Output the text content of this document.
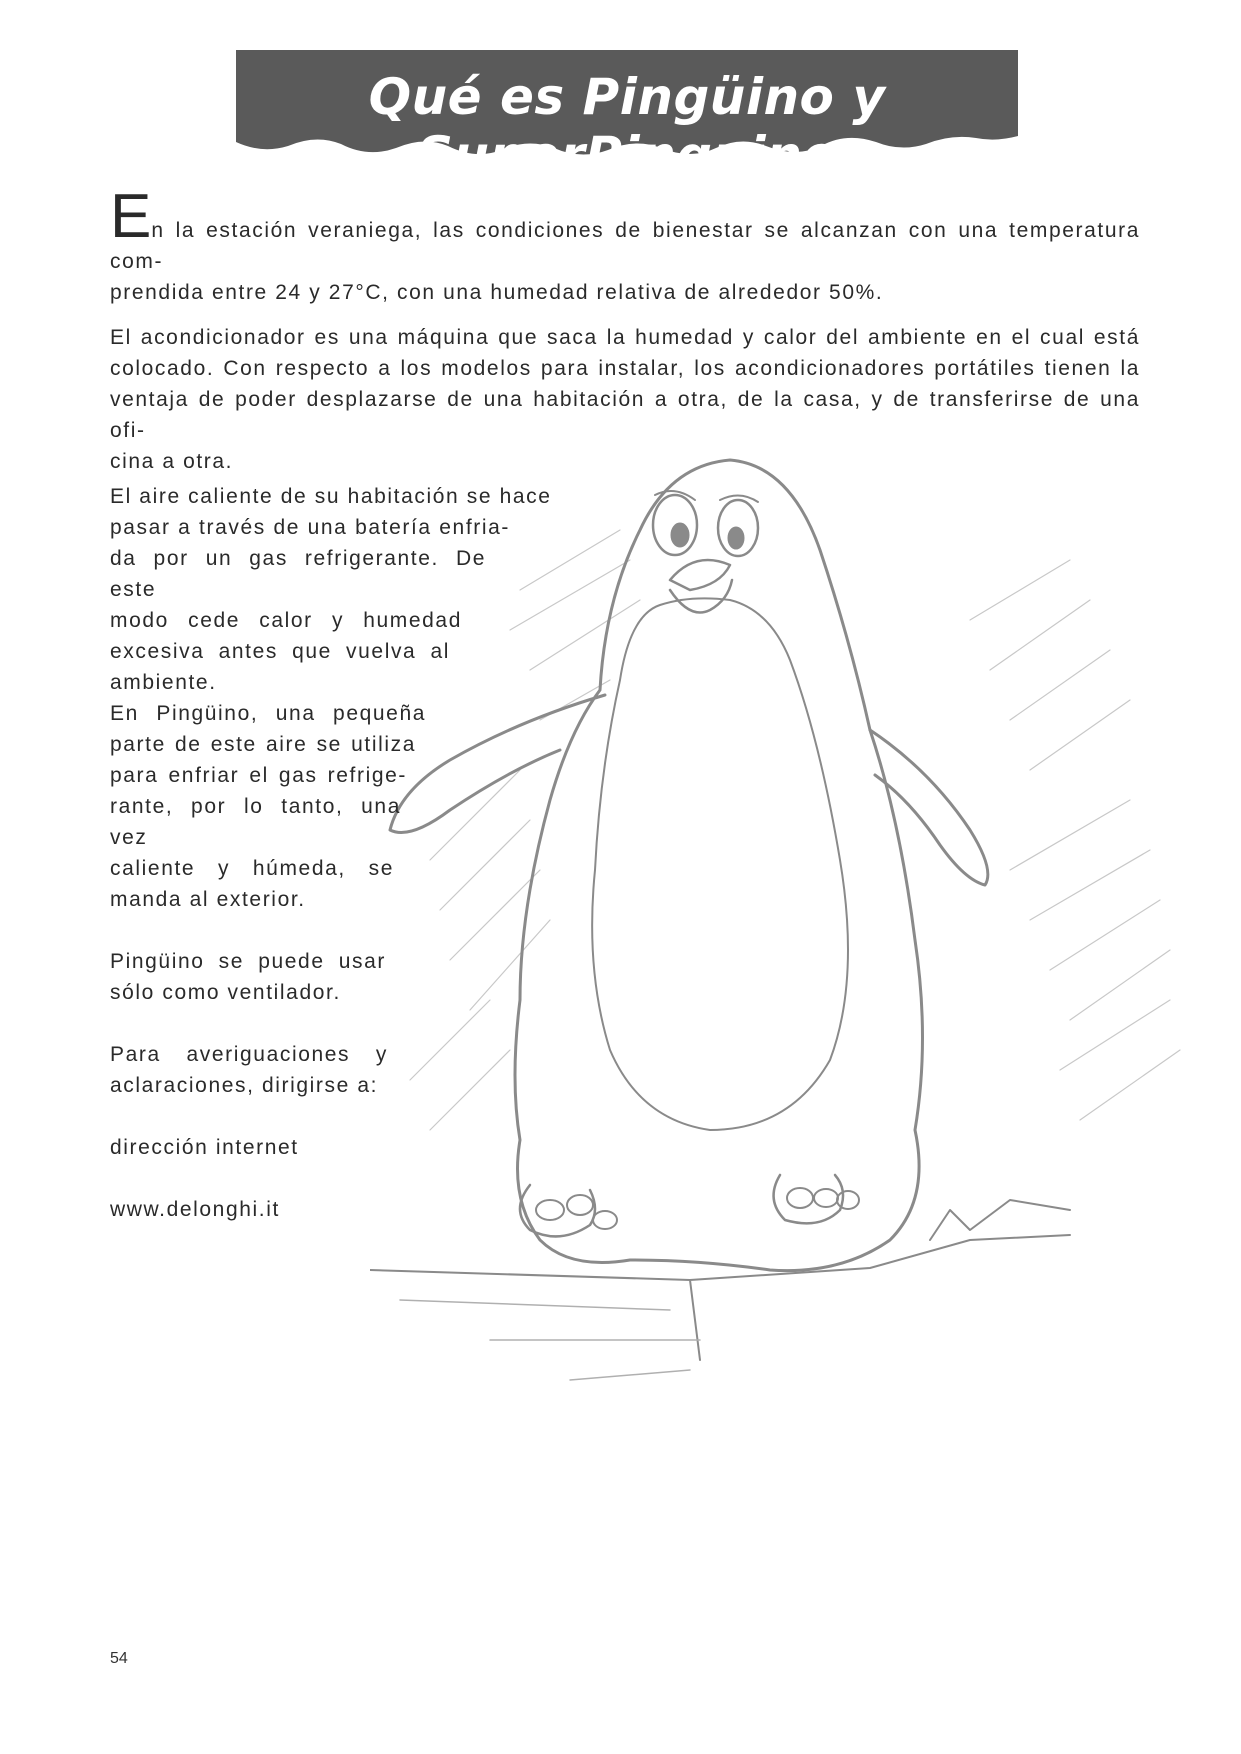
Qué es Pingüino y SuperPinguino
En la estación veraniega, las condiciones de bienestar se alcanzan con una temperatura com-
prendida entre 24 y 27°C, con una humedad relativa de alrededor 50%.
El acondicionador es una máquina que saca la humedad y calor del ambiente en el cual está
colocado. Con respecto a los modelos para instalar, los acondicionadores portátiles tienen la
ventaja de poder desplazarse de una habitación a otra, de la casa, y de transferirse de una ofi-
cina a otra.
El aire caliente de su habitación se hace
pasar a través de una batería enfria-
da por un gas refrigerante. De este
modo cede calor y humedad
excesiva antes que vuelva al
ambiente.
En Pingüino, una pequeña
parte de este aire se utiliza
para enfriar el gas refrige-
rante, por lo tanto, una vez
caliente y húmeda, se
manda al exterior.
Pingüino se puede usar
sólo como ventilador.
Para averiguaciones y
aclaraciones, dirigirse a:
dirección internet
www.delonghi.it
54
